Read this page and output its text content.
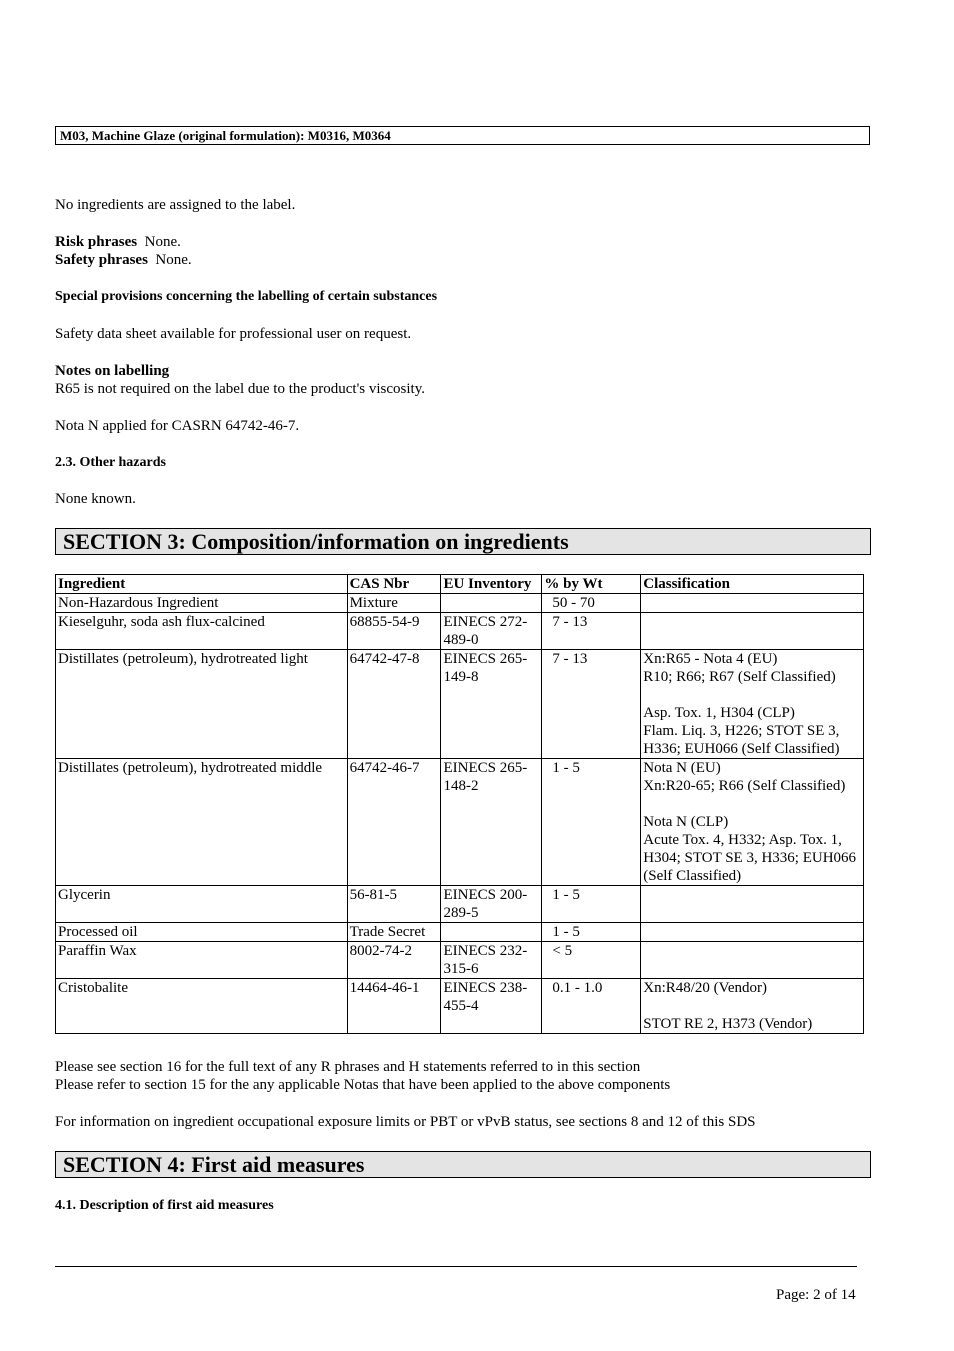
M03, Machine Glaze (original formulation): M0316, M0364
No ingredients are assigned to the label.
Risk phrases None.
Safety phrases None.
Special provisions concerning the labelling of certain substances
Safety data sheet available for professional user on request.
Notes on labelling
R65 is not required on the label due to the product's viscosity.
Nota N applied for CASRN 64742-46-7.
2.3. Other hazards
None known.
SECTION 3: Composition/information on ingredients
Ingredient	CAS Nbr	EU Inventory	% by Wt	Classification
Non-Hazardous Ingredient	Mixture		50 - 70	
Kieselguhr, soda ash flux-calcined	68855-54-9	EINECS 272-489-0	7 - 13	
Distillates (petroleum), hydrotreated light	64742-47-8	EINECS 265-149-8	7 - 13	Xn:R65 - Nota 4 (EU)
R10; R66; R67 (Self Classified)
Asp. Tox. 1, H304 (CLP)
Flam. Liq. 3, H226; STOT SE 3, H336; EUH066 (Self Classified)

Distillates (petroleum), hydrotreated middle	64742-46-7	EINECS 265-148-2	1 - 5	Nota N (EU)
Xn:R20-65; R66 (Self Classified)
Nota N (CLP)
Acute Tox. 4, H332; Asp. Tox. 1, H304; STOT SE 3, H336; EUH066 (Self Classified)

Glycerin	56-81-5	EINECS 200-289-5	1 - 5	
Processed oil	Trade Secret		1 - 5	
Paraffin Wax	8002-74-2	EINECS 232-315-6	< 5	
Cristobalite	14464-46-1	EINECS 238-455-4	0.1 - 1.0	Xn:R48/20 (Vendor)
STOT RE 2, H373 (Vendor)
Please see section 16 for the full text of any R phrases and H statements referred to in this section
Please refer to section 15 for the any applicable Notas that have been applied to the above components
For information on ingredient occupational exposure limits or PBT or vPvB status, see sections 8 and 12 of this SDS
SECTION 4: First aid measures
4.1. Description of first aid measures
Page: 2 of 14
